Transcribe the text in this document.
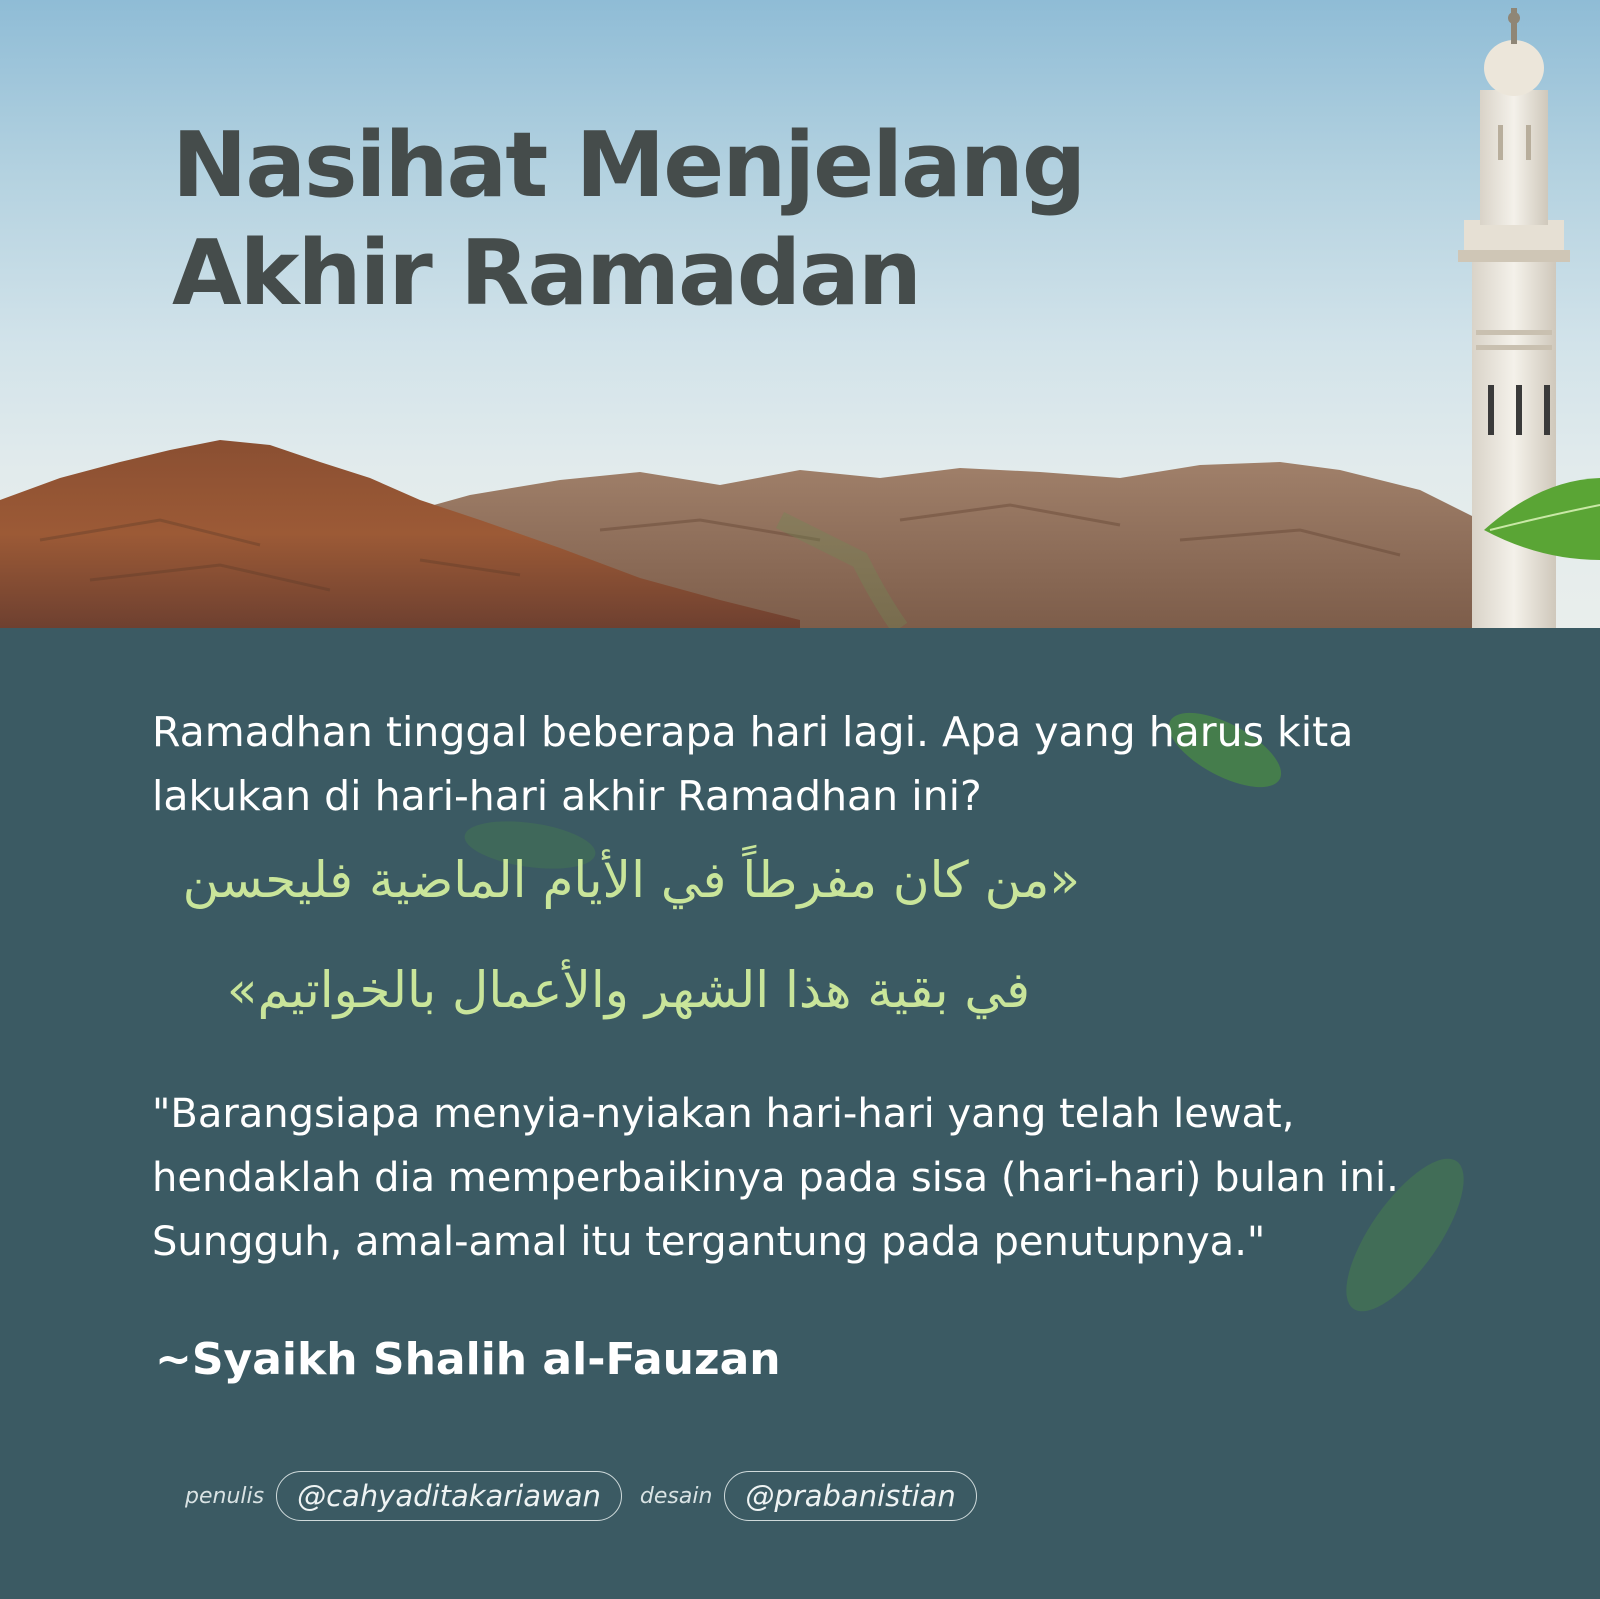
Nasihat Menjelang
Akhir Ramadan

Ramadhan tinggal beberapa hari lagi. Apa yang harus kita lakukan di hari-hari akhir Ramadhan ini?

«من كان مفرطاً في الأيام الماضية فليحسن

في بقية هذا الشهر والأعمال بالخواتيم»

"Barangsiapa menyia-nyiakan hari-hari yang telah lewat, hendaklah dia memperbaikinya pada sisa (hari-hari) bulan ini. Sungguh, amal-amal itu tergantung pada penutupnya."

~Syaikh Shalih al-Fauzan

penulis	@cahyaditakariawan	desain	@prabanistian
